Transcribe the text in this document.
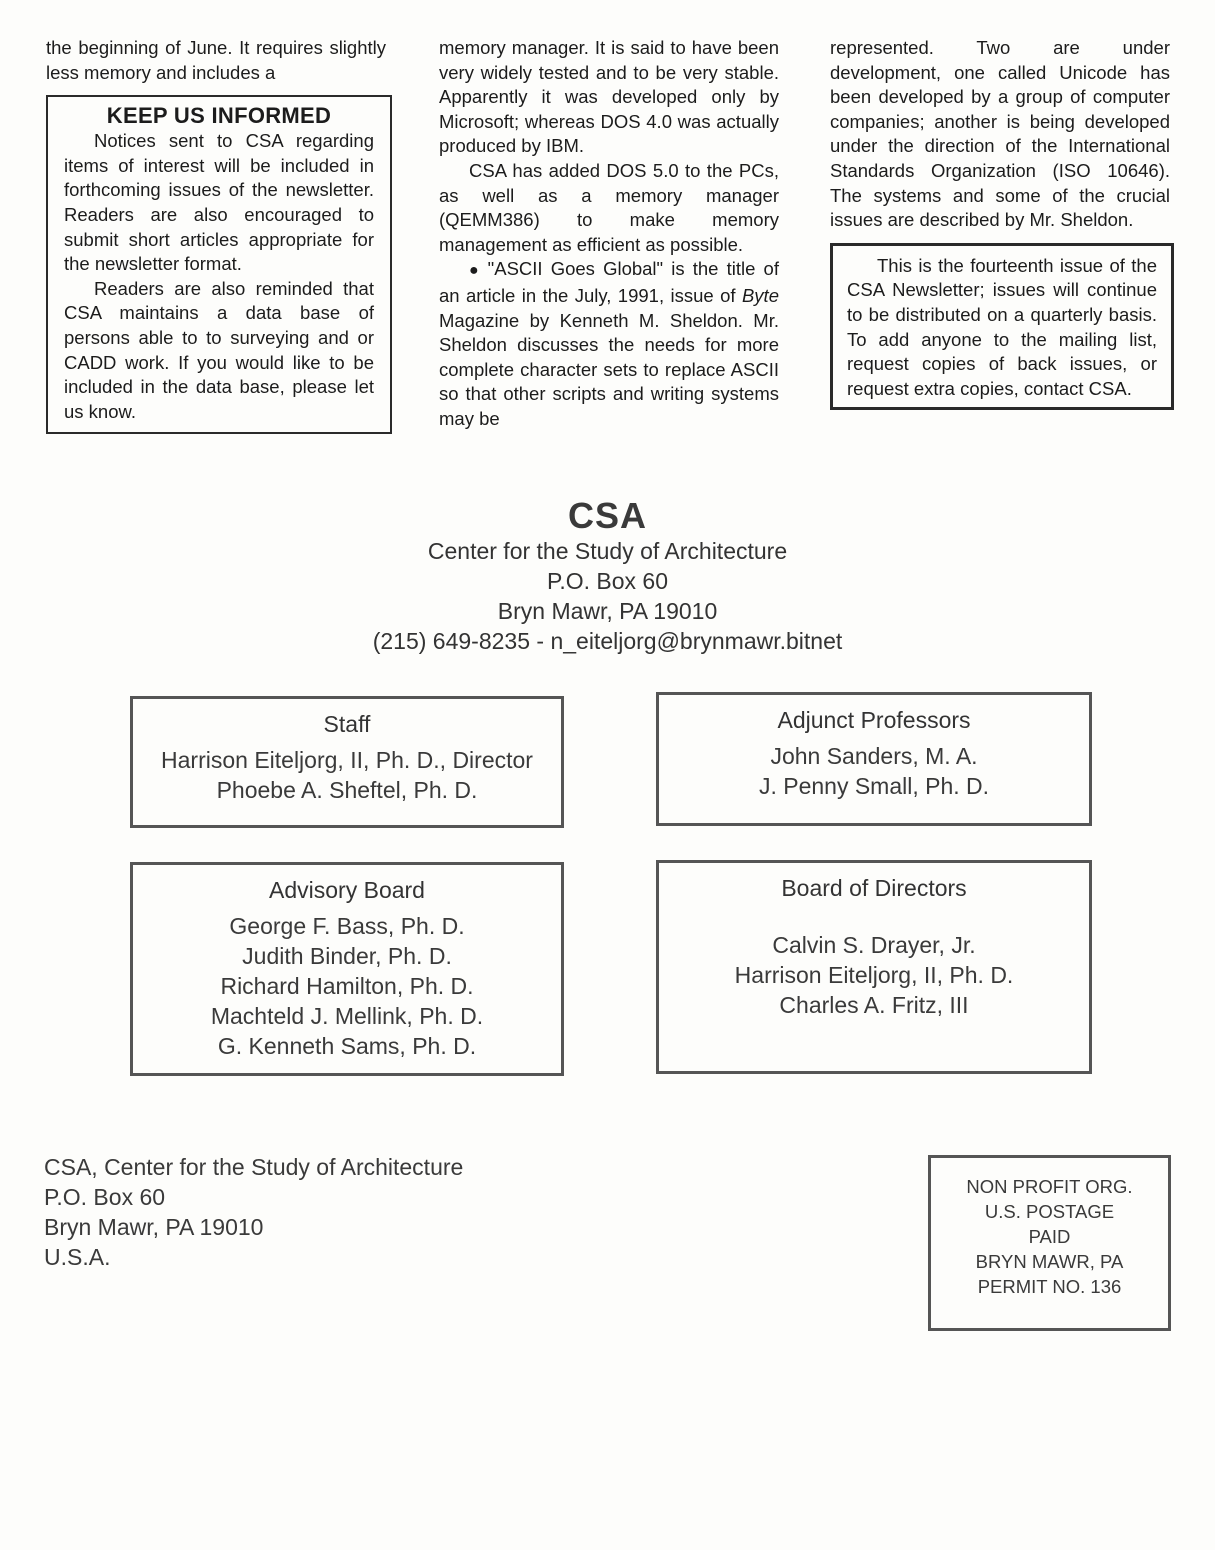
the beginning of June. It requires slightly less memory and includes a

KEEP US INFORMED

Notices sent to CSA regarding items of interest will be included in forthcoming issues of the newsletter. Readers are also encouraged to submit short articles appropriate for the newsletter format.

Readers are also reminded that CSA maintains a data base of persons able to to surveying and or CADD work. If you would like to be included in the data base, please let us know.

memory manager. It is said to have been very widely tested and to be very stable. Apparently it was developed only by Microsoft; whereas DOS 4.0 was actually produced by IBM.

CSA has added DOS 5.0 to the PCs, as well as a memory manager (QEMM386) to make memory management as efficient as possible.

● "ASCII Goes Global" is the title of an article in the July, 1991, issue of Byte Magazine by Kenneth M. Sheldon. Mr. Sheldon discusses the needs for more complete character sets to replace ASCII so that other scripts and writing systems may be

represented. Two are under development, one called Unicode has been developed by a group of computer companies; another is being developed under the direction of the International Standards Organization (ISO 10646). The systems and some of the crucial issues are described by Mr. Sheldon.

This is the fourteenth issue of the CSA Newsletter; issues will continue to be distributed on a quarterly basis. To add anyone to the mailing list, request copies of back issues, or request extra copies, contact CSA.

CSA
Center for the Study of Architecture
P.O. Box 60
Bryn Mawr, PA 19010
(215) 649-8235 - n_eiteljorg@brynmawr.bitnet
Staff
Harrison Eiteljorg, II, Ph. D., Director
Phoebe A. Sheftel, Ph. D.
Adjunct Professors
John Sanders, M. A.
J. Penny Small, Ph. D.
Advisory Board
George F. Bass, Ph. D.
Judith Binder, Ph. D.
Richard Hamilton, Ph. D.
Machteld J. Mellink, Ph. D.
G. Kenneth Sams, Ph. D.
Board of Directors
Calvin S. Drayer, Jr.
Harrison Eiteljorg, II, Ph. D.
Charles A. Fritz, III
CSA, Center for the Study of Architecture
P.O. Box 60
Bryn Mawr, PA 19010
U.S.A.
NON PROFIT ORG.
U.S. POSTAGE
PAID
BRYN MAWR, PA
PERMIT NO. 136
